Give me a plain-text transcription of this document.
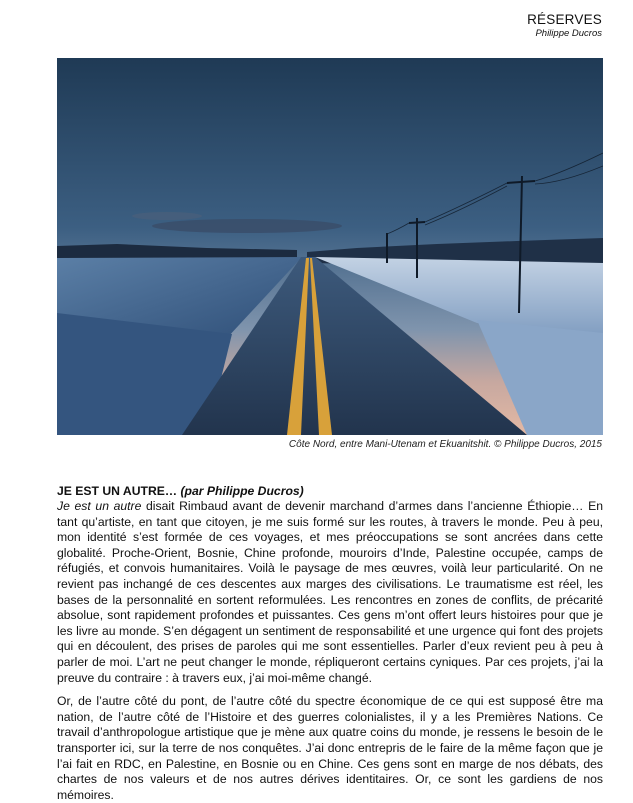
RÉSERVES
Philippe Ducros
Côte Nord, entre Mani-Utenam et Ekuanitshit. © Philippe Ducros, 2015
JE EST UN AUTRE… (par Philippe Ducros)

Je est un autre disait Rimbaud avant de devenir marchand d’armes dans l’ancienne Éthiopie… En tant qu’artiste, en tant que citoyen, je me suis formé sur les routes, à travers le monde. Peu à peu, mon identité s’est formée de ces voyages, et mes préoccupations se sont ancrées dans cette globalité. Proche-Orient, Bosnie, Chine profonde, mouroirs d’Inde, Palestine occupée, camps de réfugiés, et convois humanitaires. Voilà le paysage de mes œuvres, voilà leur particularité. On ne revient pas inchangé de ces descentes aux marges des civilisations. Le traumatisme est réel, les bases de la personnalité en sortent reformulées. Les rencontres en zones de conflits, de précarité absolue, sont rapidement profondes et puissantes. Ces gens m’ont offert leurs histoires pour que je les livre au monde. S’en dégagent un sentiment de responsabilité et une urgence qui font des projets qui en découlent, des prises de paroles qui me sont essentielles. Parler d’eux revient peu à peu à parler de moi. L’art ne peut changer le monde, répliqueront certains cyniques. Par ces projets, j’ai la preuve du contraire : à travers eux, j’ai moi-même changé.

Or, de l’autre côté du pont, de l’autre côté du spectre économique de ce qui est supposé être ma nation, de l’autre côté de l’Histoire et des guerres colonialistes, il y a les Premières Nations. Ce travail d’anthropologue artistique que je mène aux quatre coins du monde, je ressens le besoin de le transporter ici, sur la terre de nos conquêtes. J’ai donc entrepris de le faire de la même façon que je l’ai fait en RDC, en Palestine, en Bosnie ou en Chine. Ces gens sont en marge de nos débats, des chartes de nos valeurs et de nos autres dérives identitaires. Or, ce sont les gardiens de nos mémoires.
